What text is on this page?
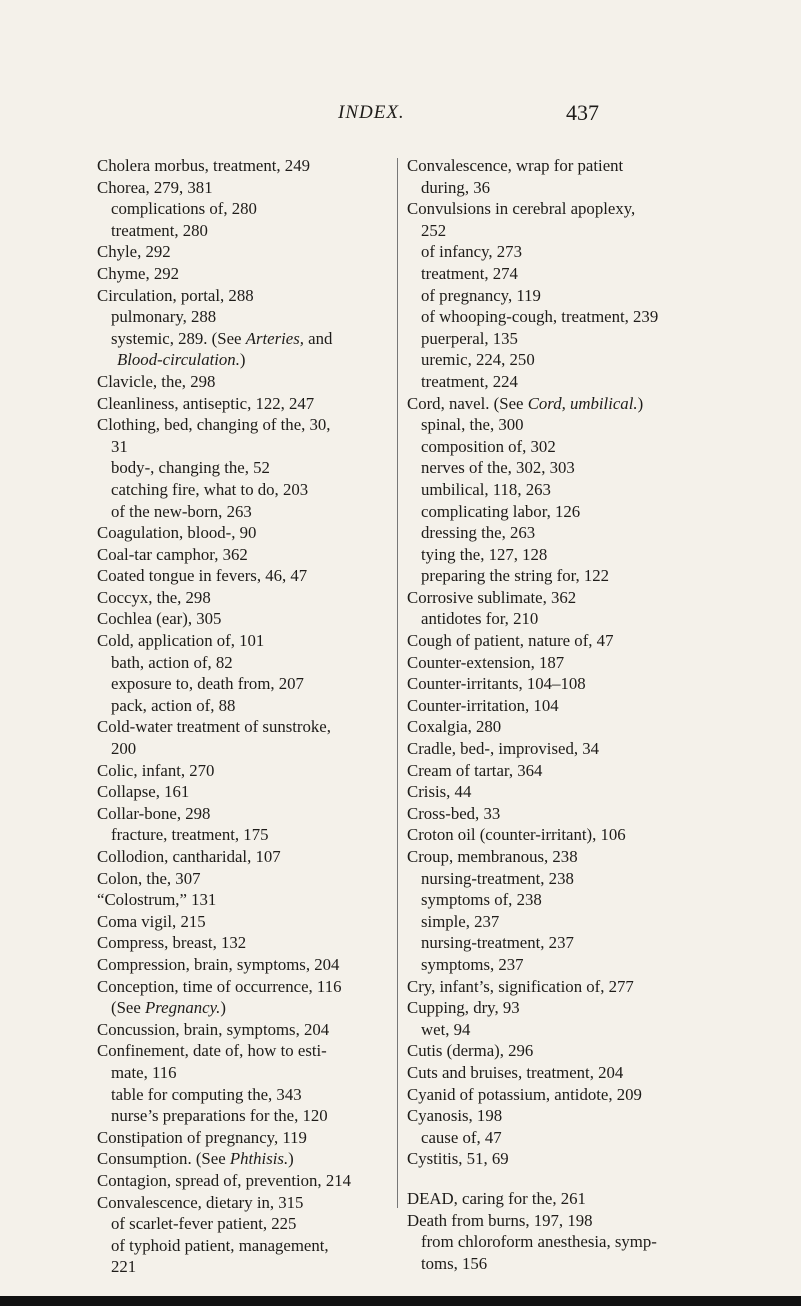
INDEX.	437
Cholera morbus, treatment, 249
Chorea, 279, 381
complications of, 280
treatment, 280
Chyle, 292
Chyme, 292
Circulation, portal, 288
pulmonary, 288
systemic, 289. (See Arteries, and
Blood-circulation.)
Clavicle, the, 298
Cleanliness, antiseptic, 122, 247
Clothing, bed, changing of the, 30,
31
body-, changing the, 52
catching fire, what to do, 203
of the new-born, 263
Coagulation, blood-, 90
Coal-tar camphor, 362
Coated tongue in fevers, 46, 47
Coccyx, the, 298
Cochlea (ear), 305
Cold, application of, 101
bath, action of, 82
exposure to, death from, 207
pack, action of, 88
Cold-water treatment of sunstroke,
200
Colic, infant, 270
Collapse, 161
Collar-bone, 298
fracture, treatment, 175
Collodion, cantharidal, 107
Colon, the, 307
“Colostrum,” 131
Coma vigil, 215
Compress, breast, 132
Compression, brain, symptoms, 204
Conception, time of occurrence, 116
(See Pregnancy.)
Concussion, brain, symptoms, 204
Confinement, date of, how to esti-
mate, 116
table for computing the, 343
nurse’s preparations for the, 120
Constipation of pregnancy, 119
Consumption. (See Phthisis.)
Contagion, spread of, prevention, 214
Convalescence, dietary in, 315
of scarlet-fever patient, 225
of typhoid patient, management,
221
Convalescence, wrap for patient
during, 36
Convulsions in cerebral apoplexy,
252
of infancy, 273
treatment, 274
of pregnancy, 119
of whooping-cough, treatment, 239
puerperal, 135
uremic, 224, 250
treatment, 224
Cord, navel. (See Cord, umbilical.)
spinal, the, 300
composition of, 302
nerves of the, 302, 303
umbilical, 118, 263
complicating labor, 126
dressing the, 263
tying the, 127, 128
preparing the string for, 122
Corrosive sublimate, 362
antidotes for, 210
Cough of patient, nature of, 47
Counter-extension, 187
Counter-irritants, 104–108
Counter-irritation, 104
Coxalgia, 280
Cradle, bed-, improvised, 34
Cream of tartar, 364
Crisis, 44
Cross-bed, 33
Croton oil (counter-irritant), 106
Croup, membranous, 238
nursing-treatment, 238
symptoms of, 238
simple, 237
nursing-treatment, 237
symptoms, 237
Cry, infant’s, signification of, 277
Cupping, dry, 93
wet, 94
Cutis (derma), 296
Cuts and bruises, treatment, 204
Cyanid of potassium, antidote, 209
Cyanosis, 198
cause of, 47
Cystitis, 51, 69
DEAD, caring for the, 261
Death from burns, 197, 198
from chloroform anesthesia, symp-
toms, 156
